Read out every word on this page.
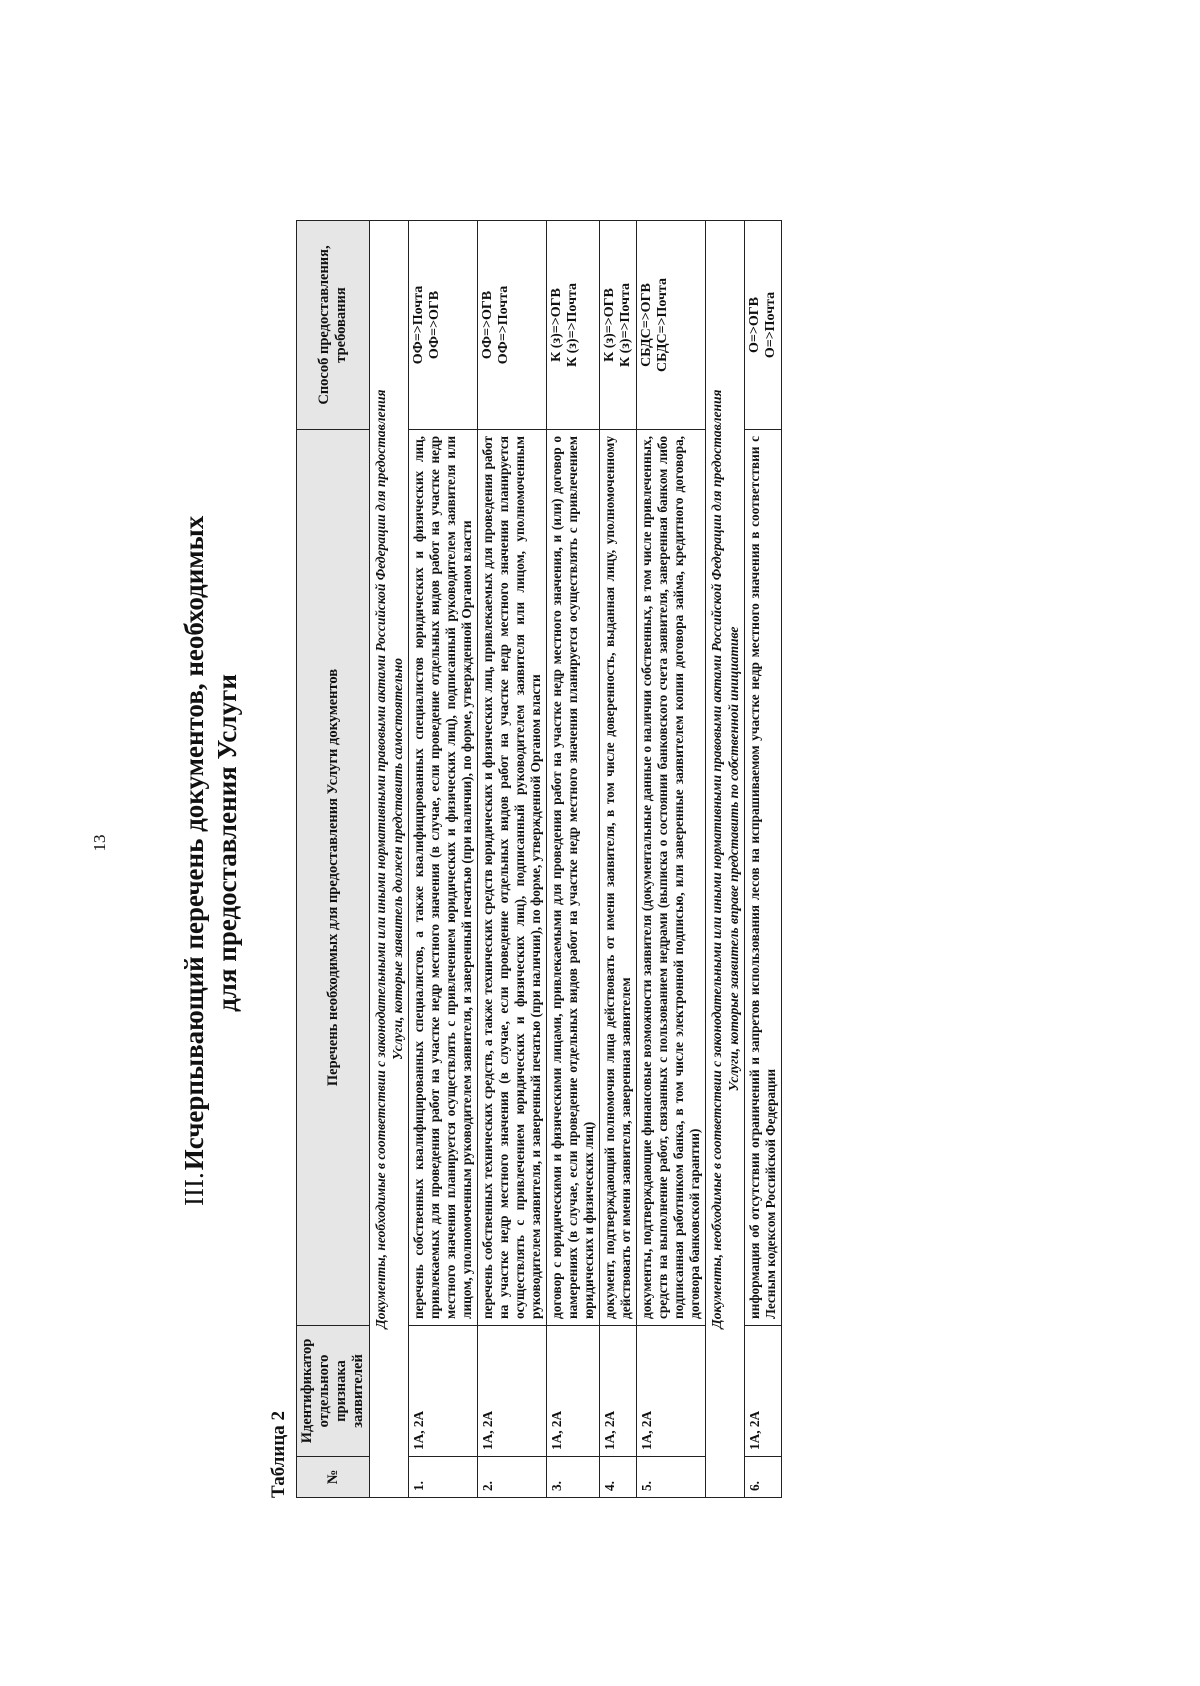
13
III.
Исчерпывающий перечень документов, необходимых для предоставления Услуги
Таблица 2 №	Идентификатор отдельного признака заявителей	Перечень необходимых для предоставления Услуги документов	Способ предоставления, требования

Документы, необходимые в соответствии с законодательными или иными нормативными правовыми актами Российской Федерации для предоставления Услуги, которые заявитель должен представить самостоятельно			

1.	1А, 2А	перечень собственных квалифицированных специалистов, а также квалифицированных специалистов юридических и физических лиц, привлекаемых для проведения работ на участке недр местного значения (в случае, если проведение отдельных видов работ на участке недр местного значения планируется осуществлять с привлечением юридических и физических лиц), подписанный руководителем заявителя или лицом, уполномоченным руководителем заявителя, и заверенный печатью (при наличии), по форме, утвержденной Органом власти	ОФ=>Почта ОФ=>ОГВ

2.	1А, 2А	перечень собственных технических средств, а также технических средств юридических и физических лиц, привлекаемых для проведения работ на участке недр местного значения (в случае, если проведение отдельных видов работ на участке недр местного значения планируется осуществлять с привлечением юридических и физических лиц), подписанный руководителем заявителя или лицом, уполномоченным руководителем заявителя, и заверенный печатью (при наличии), по форме, утвержденной Органом власти	ОФ=>ОГВ ОФ=>Почта

3.	1А, 2А	договор с юридическими и физическими лицами, привлекаемыми для проведения работ на участке недр местного значения, и (или) договор о намерениях (в случае, если проведение отдельных видов работ на участке недр местного значения планируется осуществлять с привлечением юридических и физических лиц)	К (з)=>ОГВ К (з)=>Почта

4.	1А, 2А	документ, подтверждающий полномочия лица действовать от имени заявителя, в том числе доверенность, выданная лицу, уполномоченному действовать от имени заявителя, заверенная заявителем	К (з)=>ОГВ К (з)=>Почта

5.	1А, 2А	документы, подтверждающие финансовые возможности заявителя (документальные данные о наличии собственных, в том числе привлеченных, средств на выполнение работ, связанных с пользованием недрами (выписка о состоянии банковского счета заявителя, заверенная банком либо подписанная работником банка, в том числе электронной подписью, или заверенные заявителем копии договора займа, кредитного договора, договора банковской гарантии)	СБДС=>ОГВ СБДС=>Почта

Документы, необходимые в соответствии с законодательными или иными нормативными правовыми актами Российской Федерации для предоставления Услуги, которые заявитель вправе представить по собственной инициативе			

6.	1А, 2А	информация об отсутствии ограничений и запретов использования лесов на испрашиваемом участке недр местного значения в соответствии с Лесным кодексом Российской Федерации	О=>ОГВ О=>Почта
